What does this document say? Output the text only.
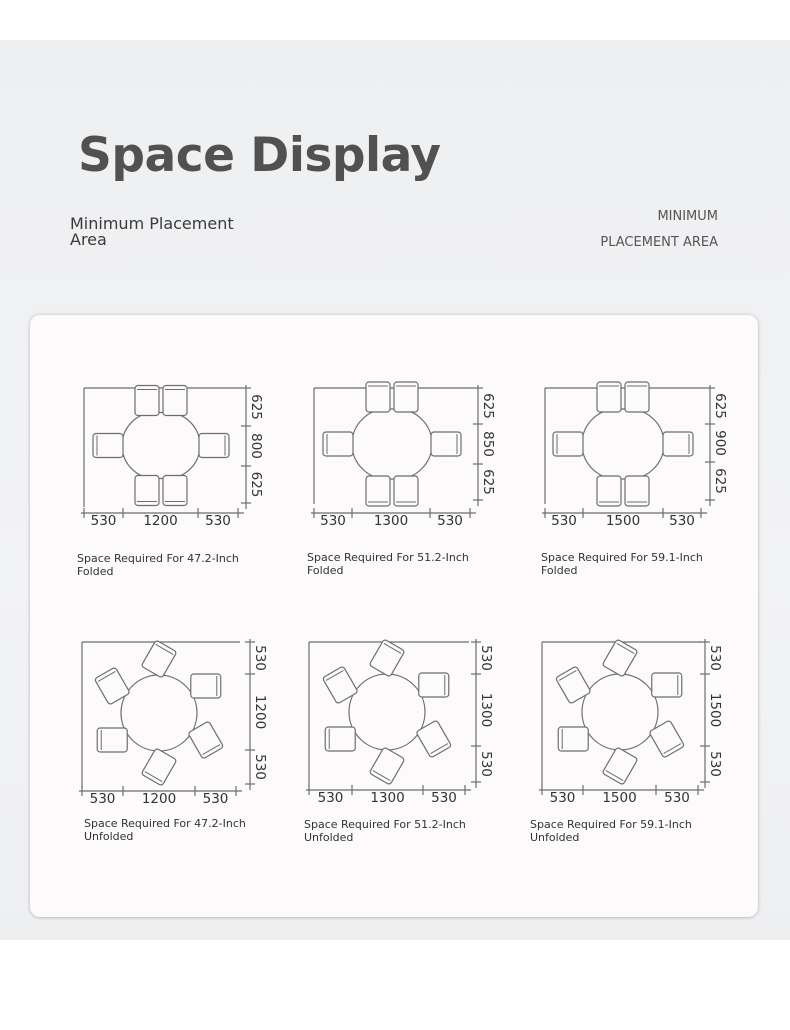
Space Display
Minimum Placement
Area
MINIMUM
PLACEMENT AREA
530 1200 530
625
800
625
530 1300 530
625
850
625
530 1500 530
625
900
625
530 1200 530
530
1200
530
530 1300 530
530
1300
530
530 1500 530
530
1500
530
Space Required For 47.2-Inch
Folded
Space Required For 51.2-Inch
Folded
Space Required For 59.1-Inch
Folded
Space Required For 47.2-Inch
Unfolded
Space Required For 51.2-Inch
Unfolded
Space Required For 59.1-Inch
Unfolded
